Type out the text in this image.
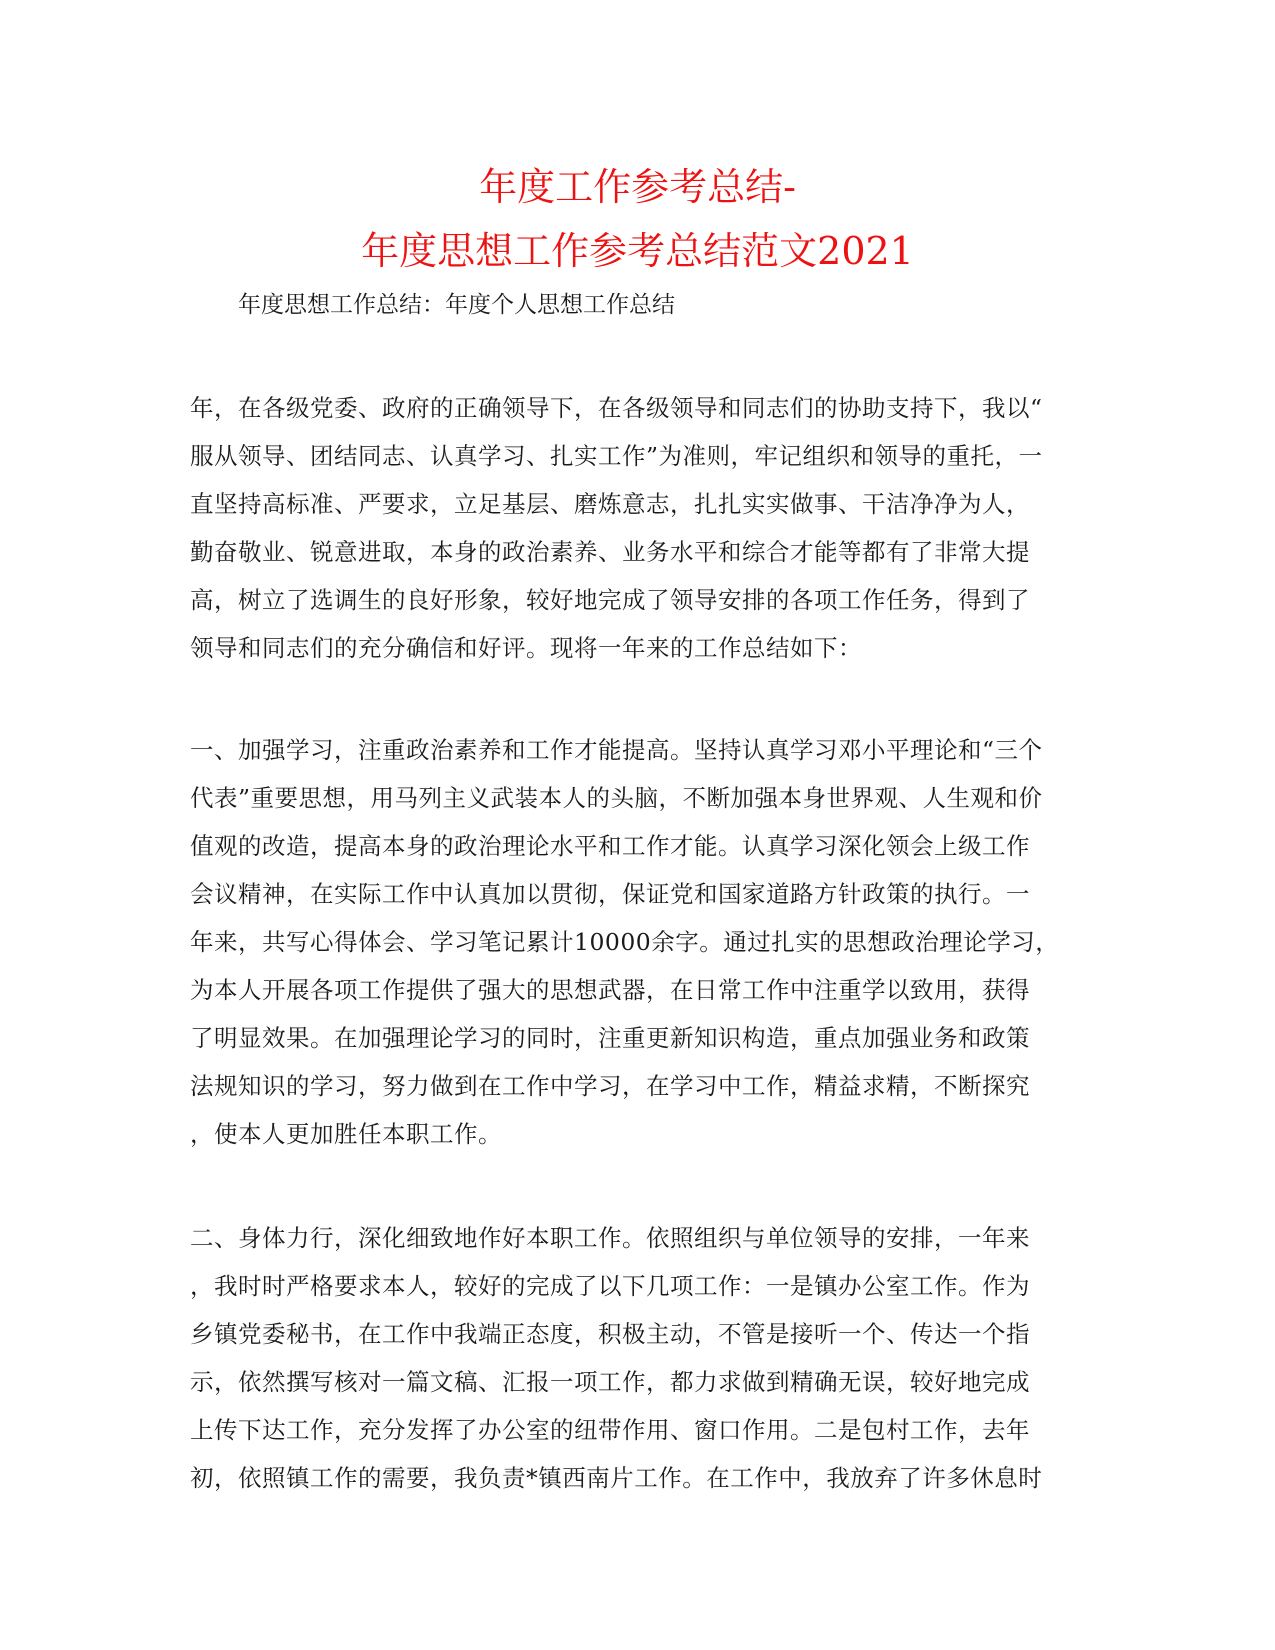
年度工作参考总结-
年度思想工作参考总结范文2021
年度思想工作总结：年度个人思想工作总结
年，在各级党委、政府的正确领导下，在各级领导和同志们的协助支持下，我以“
服从领导、团结同志、认真学习、扎实工作”为准则，牢记组织和领导的重托，一
直坚持高标准、严要求，立足基层、磨炼意志，扎扎实实做事、干洁净净为人，
勤奋敬业、锐意进取，本身的政治素养、业务水平和综合才能等都有了非常大提
高，树立了选调生的良好形象，较好地完成了领导安排的各项工作任务，得到了
领导和同志们的充分确信和好评。现将一年来的工作总结如下：
一、加强学习，注重政治素养和工作才能提高。坚持认真学习邓小平理论和“三个
代表”重要思想，用马列主义武装本人的头脑，不断加强本身世界观、人生观和价
值观的改造，提高本身的政治理论水平和工作才能。认真学习深化领会上级工作
会议精神，在实际工作中认真加以贯彻，保证党和国家道路方针政策的执行。一
年来，共写心得体会、学习笔记累计10000余字。通过扎实的思想政治理论学习，
为本人开展各项工作提供了强大的思想武器，在日常工作中注重学以致用，获得
了明显效果。在加强理论学习的同时，注重更新知识构造，重点加强业务和政策
法规知识的学习，努力做到在工作中学习，在学习中工作，精益求精，不断探究
，使本人更加胜任本职工作。
二、身体力行，深化细致地作好本职工作。依照组织与单位领导的安排，一年来
，我时时严格要求本人，较好的完成了以下几项工作：一是镇办公室工作。作为
乡镇党委秘书，在工作中我端正态度，积极主动，不管是接听一个、传达一个指
示，依然撰写核对一篇文稿、汇报一项工作，都力求做到精确无误，较好地完成
上传下达工作，充分发挥了办公室的纽带作用、窗口作用。二是包村工作，去年
初，依照镇工作的需要，我负责*镇西南片工作。在工作中，我放弃了许多休息时
